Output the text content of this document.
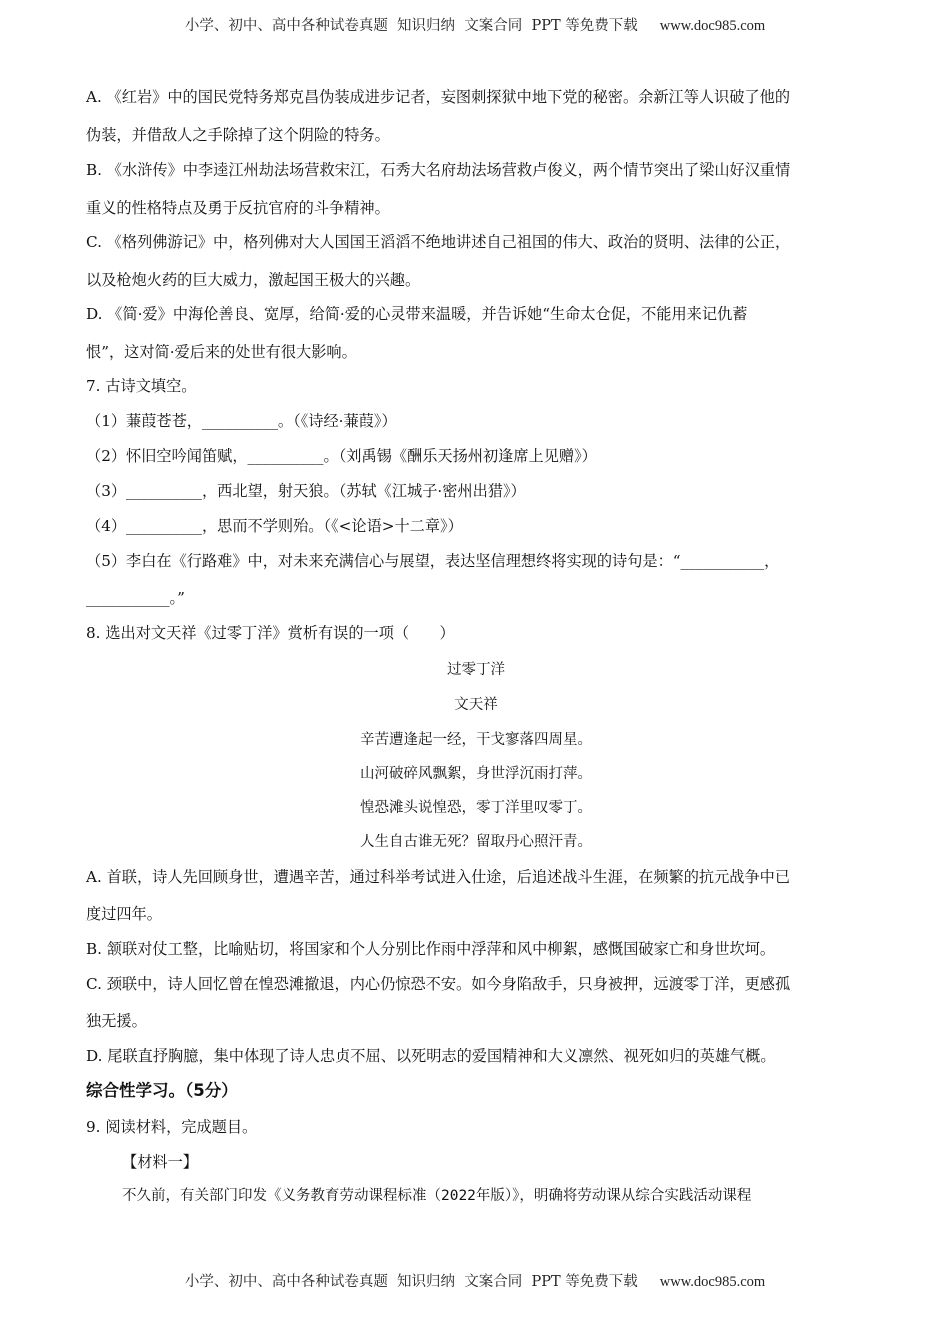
小学、初中、高中各种试卷真题  知识归纳  文案合同  PPT 等免费下载 www.doc985.com
A. 《红岩》中的国民党特务郑克昌伪装成进步记者，妄图刺探狱中地下党的秘密。余新江等人识破了他的
伪装，并借敌人之手除掉了这个阴险的特务。
B. 《水浒传》中李逵江州劫法场营救宋江，石秀大名府劫法场营救卢俊义，两个情节突出了梁山好汉重情
重义的性格特点及勇于反抗官府的斗争精神。
C. 《格列佛游记》中，格列佛对大人国国王滔滔不绝地讲述自己祖国的伟大、政治的贤明、法律的公正，
以及枪炮火药的巨大威力，激起国王极大的兴趣。
D. 《简·爱》中海伦善良、宽厚，给简·爱的心灵带来温暖，并告诉她“生命太仓促，不能用来记仇蓄
恨”，这对简·爱后来的处世有很大影响。
7. 古诗文填空。
（1）蒹葭苍苍，__________。（《诗经·蒹葭》）
（2）怀旧空吟闻笛赋，__________。（刘禹锡《酬乐天扬州初逢席上见赠》）
（3）__________，西北望，射天狼。（苏轼《江城子·密州出猎》）
（4）__________，思而不学则殆。（《<论语>十二章》）
（5）李白在《行路难》中，对未来充满信心与展望，表达坚信理想终将实现的诗句是：“___________，
___________。”
8. 选出对文天祥《过零丁洋》赏析有误的一项（　　）
过零丁洋
文天祥
辛苦遭逢起一经，干戈寥落四周星。
山河破碎风飘絮，身世浮沉雨打萍。
惶恐滩头说惶恐，零丁洋里叹零丁。
人生自古谁无死？留取丹心照汗青。
A. 首联，诗人先回顾身世，遭遇辛苦，通过科举考试进入仕途，后追述战斗生涯，在频繁的抗元战争中已
度过四年。
B. 颔联对仗工整，比喻贴切，将国家和个人分别比作雨中浮萍和风中柳絮，感慨国破家亡和身世坎坷。
C. 颈联中，诗人回忆曾在惶恐滩撤退，内心仍惊恐不安。如今身陷敌手，只身被押，远渡零丁洋，更感孤
独无援。
D. 尾联直抒胸臆，集中体现了诗人忠贞不屈、以死明志的爱国精神和大义凛然、视死如归的英雄气概。
综合性学习。（5分）
9. 阅读材料，完成题目。
【材料一】
不久前，有关部门印发《义务教育劳动课程标准（2022年版）》，明确将劳动课从综合实践活动课程
小学、初中、高中各种试卷真题  知识归纳  文案合同  PPT 等免费下载 www.doc985.com
